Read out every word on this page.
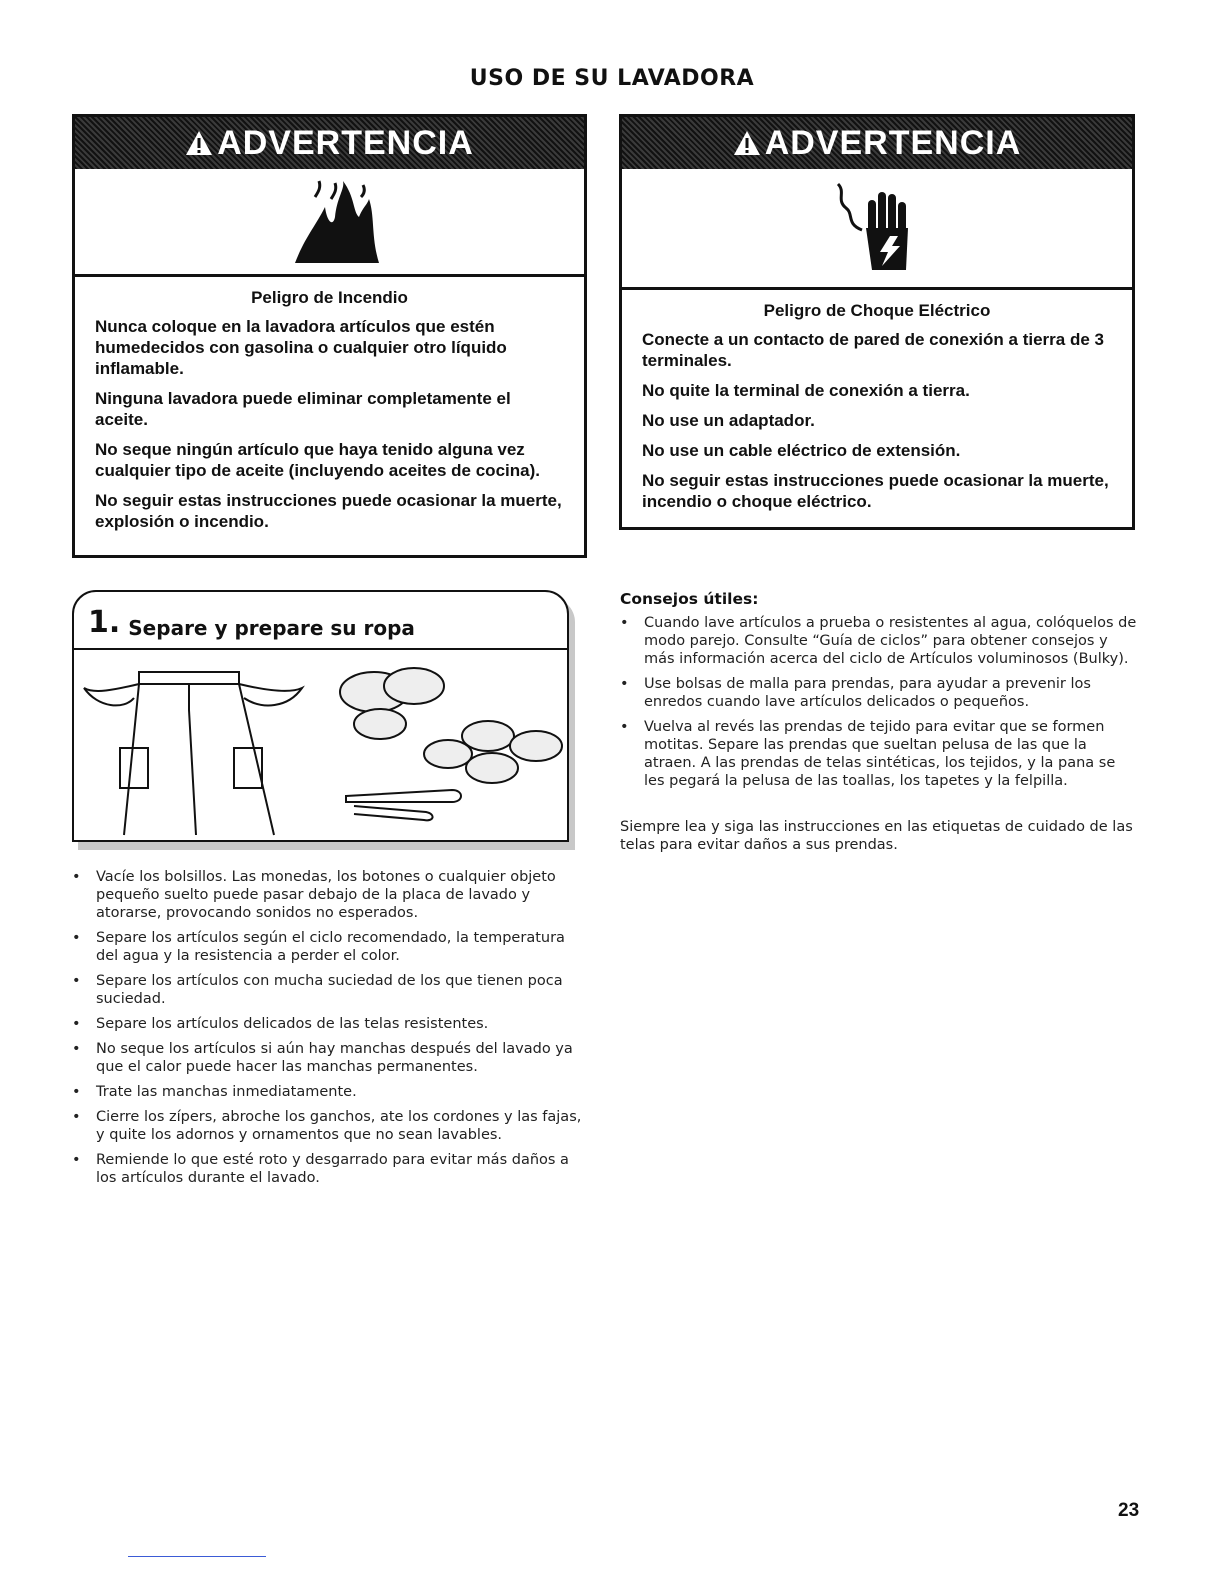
USO DE SU LAVADORA
ADVERTENCIA
Peligro de Incendio

Nunca coloque en la lavadora artículos que estén humedecidos con gasolina o cualquier otro líquido inflamable.

Ninguna lavadora puede eliminar completamente el aceite.

No seque ningún artículo que haya tenido alguna vez cualquier tipo de aceite (incluyendo aceites de cocina).

No seguir estas instrucciones puede ocasionar la muerte, explosión o incendio.

ADVERTENCIA
Peligro de Choque Eléctrico

Conecte a un contacto de pared de conexión a tierra de 3 terminales.

No quite la terminal de conexión a tierra.

No use un adaptador.

No use un cable eléctrico de extensión.

No seguir estas instrucciones puede ocasionar la muerte, incendio o choque eléctrico.

1. Separe y prepare su ropa
• Vacíe los bolsillos. Las monedas, los botones o cualquier objeto pequeño suelto puede pasar debajo de la placa de lavado y atorarse, provocando sonidos no esperados.
• Separe los artículos según el ciclo recomendado, la temperatura del agua y la resistencia a perder el color.
• Separe los artículos con mucha suciedad de los que tienen poca suciedad.
• Separe los artículos delicados de las telas resistentes.
• No seque los artículos si aún hay manchas después del lavado ya que el calor puede hacer las manchas permanentes.
• Trate las manchas inmediatamente.
• Cierre los zípers, abroche los ganchos, ate los cordones y las fajas, y quite los adornos y ornamentos que no sean lavables.
• Remiende lo que esté roto y desgarrado para evitar más daños a los artículos durante el lavado.
Consejos útiles:
• Cuando lave artículos a prueba o resistentes al agua, colóquelos de modo parejo. Consulte “Guía de ciclos” para obtener consejos y más información acerca del ciclo de Artículos voluminosos (Bulky).
• Use bolsas de malla para prendas, para ayudar a prevenir los enredos cuando lave artículos delicados o pequeños.
• Vuelva al revés las prendas de tejido para evitar que se formen motitas. Separe las prendas que sueltan pelusa de las que la atraen. A las prendas de telas sintéticas, los tejidos, y la pana se les pegará la pelusa de las toallas, los tapetes y la felpilla.
Siempre lea y siga las instrucciones en las etiquetas de cuidado de las telas para evitar daños a sus prendas.
23
